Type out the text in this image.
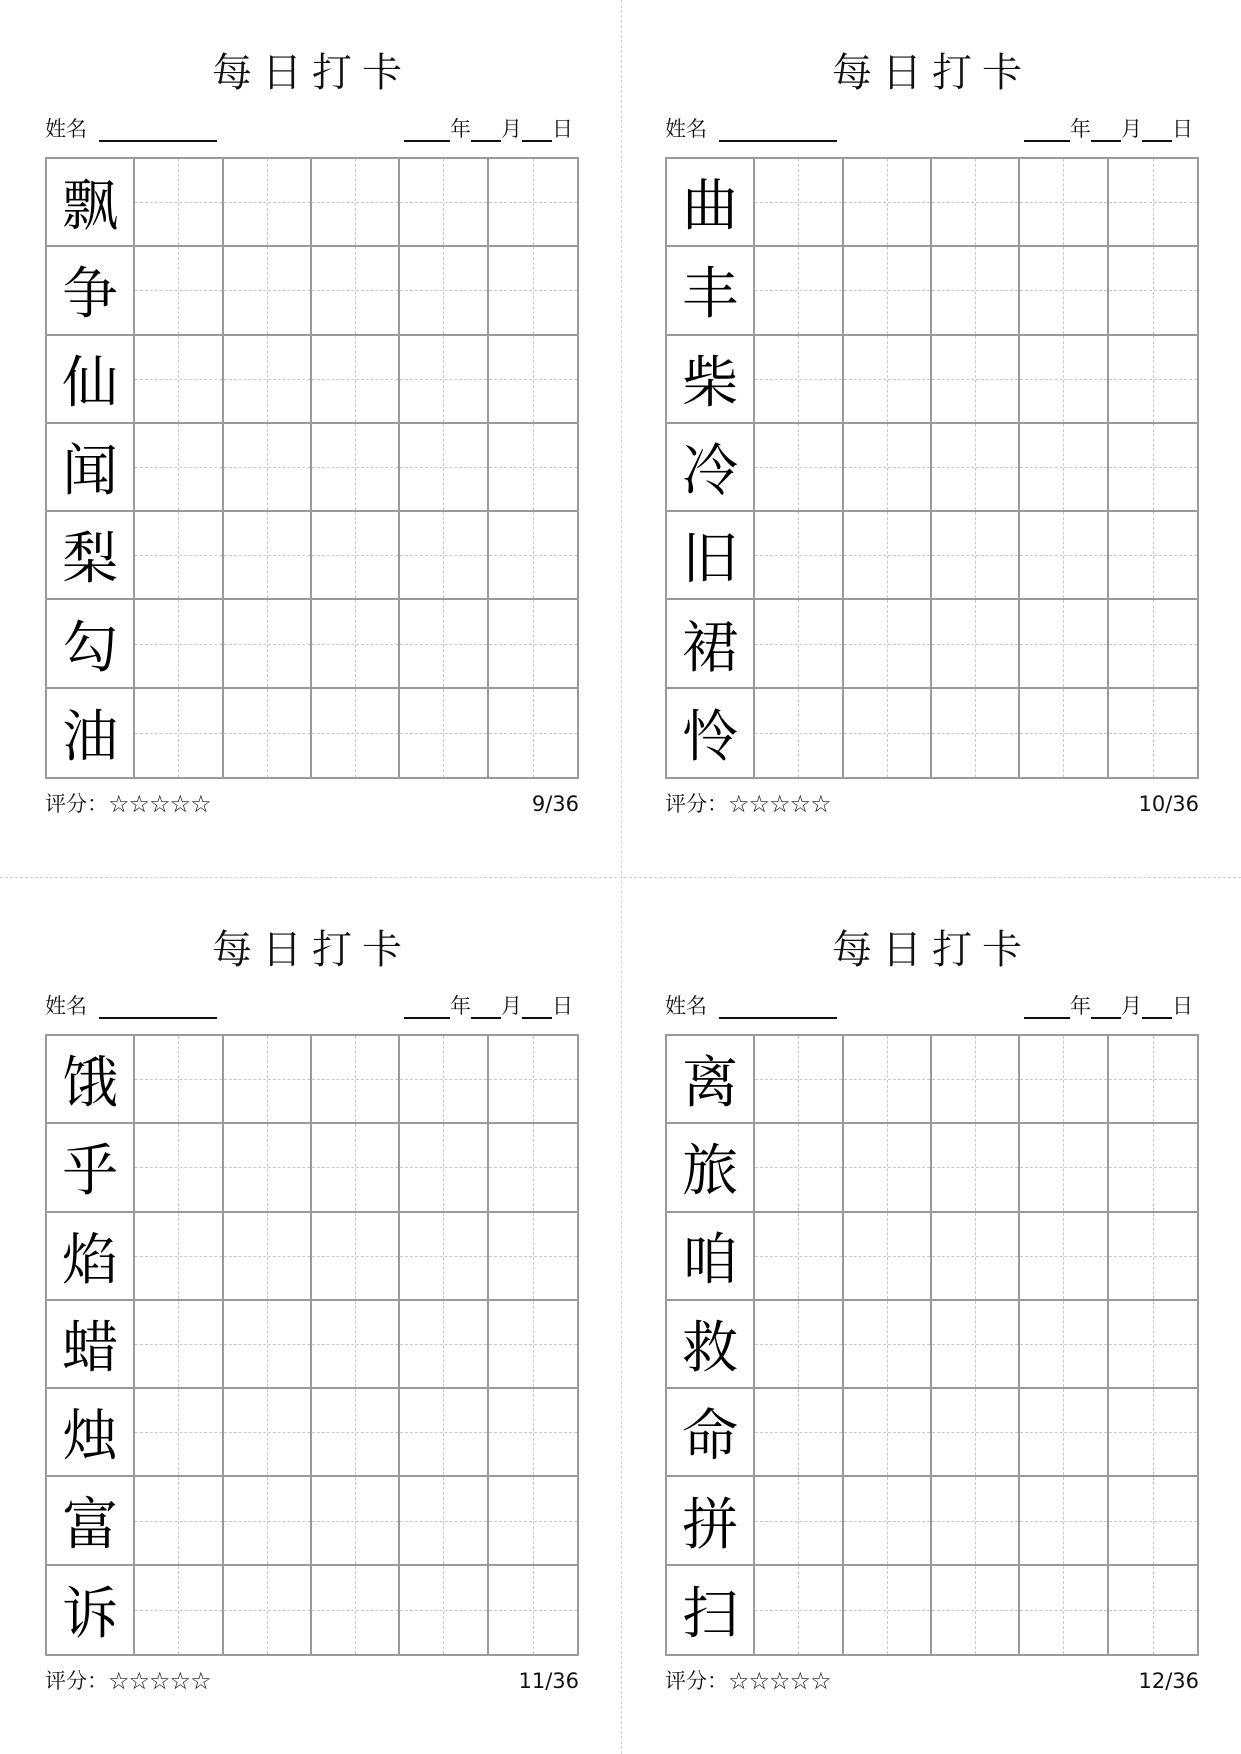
每日打卡
姓名	年 月 日
飘
争
仙
闻
梨
勾
油
评分： ☆☆☆☆☆	9/36
每日打卡
姓名	年 月 日
曲
丰
柴
冷
旧
裙
怜
评分： ☆☆☆☆☆	10/36
每日打卡
姓名	年 月 日
饿
乎
焰
蜡
烛
富
诉
评分： ☆☆☆☆☆	11/36
每日打卡
姓名	年 月 日
离
旅
咱
救
命
拼
扫
评分： ☆☆☆☆☆	12/36
